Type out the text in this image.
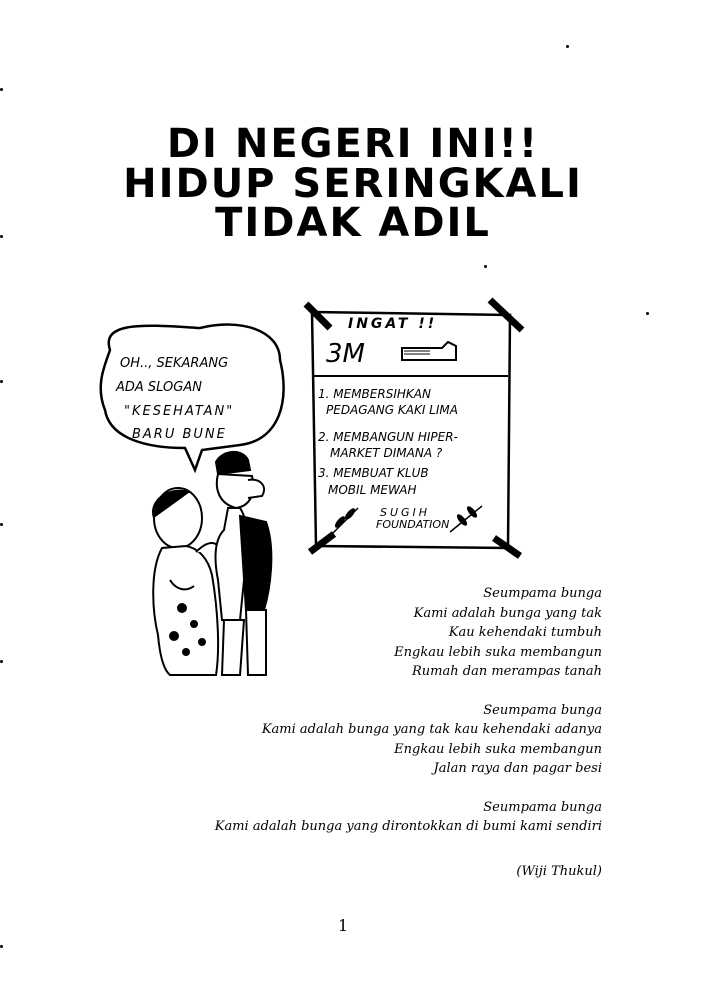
DI NEGERI INI!!
HIDUP SERINGKALI
TIDAK ADIL
OH.., SEKARANG
ADA SLOGAN
"KESEHATAN"
BARU BUNE
INGAT !!
3M
1. MEMBERSIHKAN
PEDAGANG KAKI LIMA
2. MEMBANGUN HIPER-
MARKET DIMANA ?
3. MEMBUAT KLUB
MOBIL MEWAH
SUGIH
FOUNDATION

Seumpama bunga

Kami adalah bunga yang tak

Kau kehendaki tumbuh

Engkau lebih suka membangun

Rumah dan merampas tanah

Seumpama bunga

Kami adalah bunga yang tak kau kehendaki adanya

Engkau lebih suka membangun

Jalan raya dan pagar besi

Seumpama bunga

Kami adalah bunga yang dirontokkan di bumi kami sendiri

(Wiji Thukul)
1
